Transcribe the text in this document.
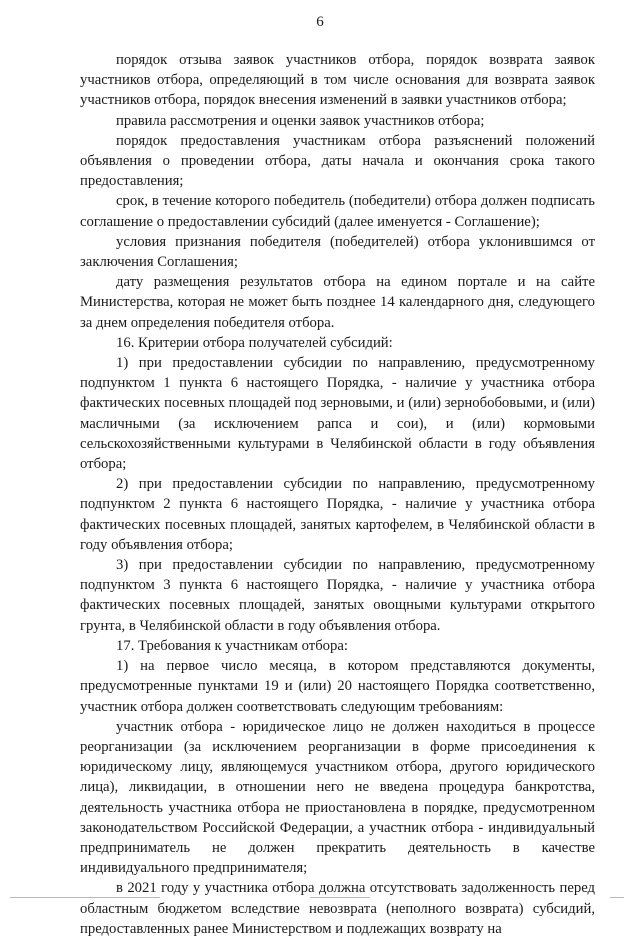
6

порядок отзыва заявок участников отбора, порядок возврата заявок участников отбора, определяющий в том числе основания для возврата заявок участников отбора, порядок внесения изменений в заявки участников отбора;

правила рассмотрения и оценки заявок участников отбора;

порядок предоставления участникам отбора разъяснений положений объявления о проведении отбора, даты начала и окончания срока такого предоставления;

срок, в течение которого победитель (победители) отбора должен подписать соглашение о предоставлении субсидий (далее именуется - Соглашение);

условия признания победителя (победителей) отбора уклонившимся от заключения Соглашения;

дату размещения результатов отбора на едином портале и на сайте Министерства, которая не может быть позднее 14 календарного дня, следующего за днем определения победителя отбора.

16. Критерии отбора получателей субсидий:

1) при предоставлении субсидии по направлению, предусмотренному подпунктом 1 пункта 6 настоящего Порядка, - наличие у участника отбора фактических посевных площадей под зерновыми, и (или) зернобобовыми, и (или) масличными (за исключением рапса и сои), и (или) кормовыми сельскохозяйственными культурами в Челябинской области в году объявления отбора;

2) при предоставлении субсидии по направлению, предусмотренному подпунктом 2 пункта 6 настоящего Порядка, - наличие у участника отбора фактических посевных площадей, занятых картофелем, в Челябинской области в году объявления отбора;

3) при предоставлении субсидии по направлению, предусмотренному подпунктом 3 пункта 6 настоящего Порядка, - наличие у участника отбора фактических посевных площадей, занятых овощными культурами открытого грунта, в Челябинской области в году объявления отбора.

17. Требования к участникам отбора:

1) на первое число месяца, в котором представляются документы, предусмотренные пунктами 19 и (или) 20 настоящего Порядка соответственно, участник отбора должен соответствовать следующим требованиям:

участник отбора - юридическое лицо не должен находиться в процессе реорганизации (за исключением реорганизации в форме присоединения к юридическому лицу, являющемуся участником отбора, другого юридического лица), ликвидации, в отношении него не введена процедура банкротства, деятельность участника отбора не приостановлена в порядке, предусмотренном законодательством Российской Федерации, а участник отбора - индивидуальный предприниматель не должен прекратить деятельность в качестве индивидуального предпринимателя;

в 2021 году у участника отбора должна отсутствовать задолженность перед областным бюджетом вследствие невозврата (неполного возврата) субсидий, предоставленных ранее Министерством и подлежащих возврату на
